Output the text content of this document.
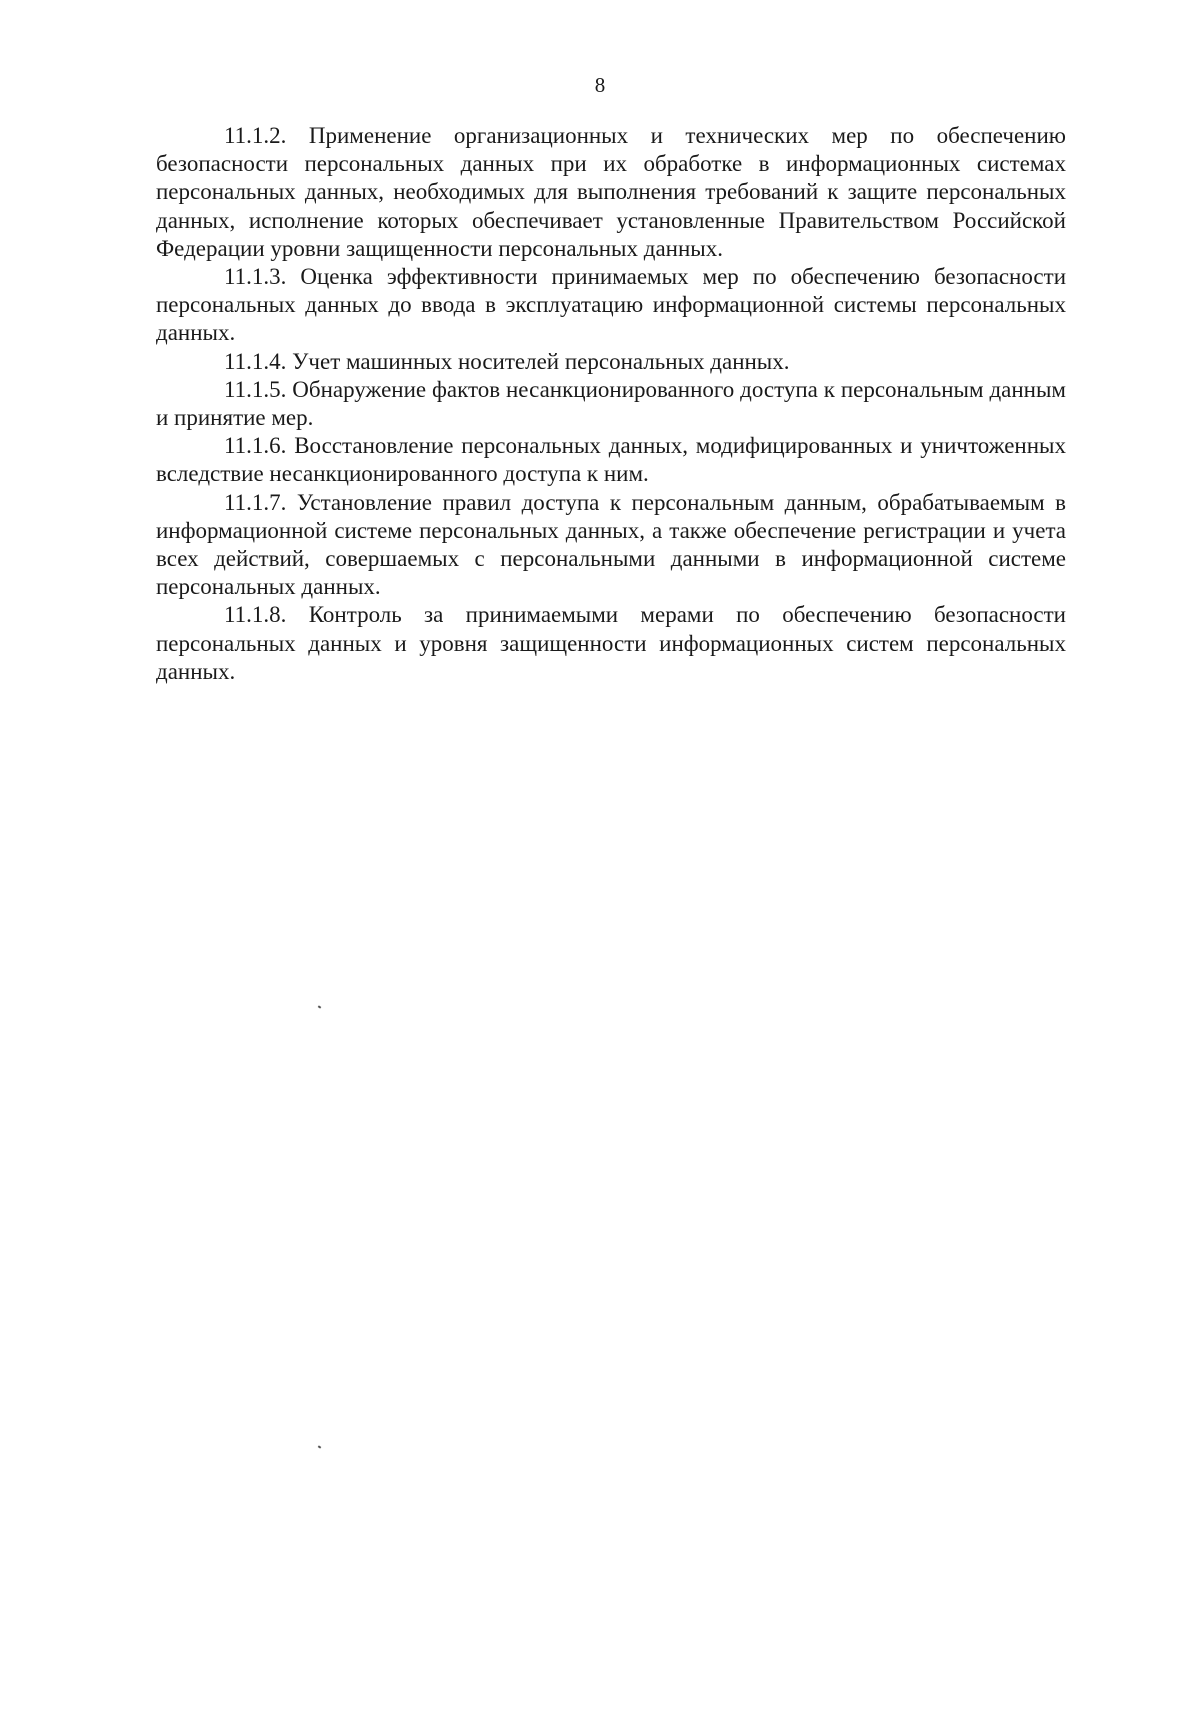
8

11.1.2. Применение организационных и технических мер по обеспечению безопасности персональных данных при их обработке в информационных системах персональных данных, необходимых для выполнения требований к защите персональных данных, исполнение которых обеспечивает установленные Правительством Российской Федерации уровни защищенности персональных данных.

11.1.3. Оценка эффективности принимаемых мер по обеспечению безопасности персональных данных до ввода в эксплуатацию информационной системы персональных данных.

11.1.4. Учет машинных носителей персональных данных.

11.1.5. Обнаружение фактов несанкционированного доступа к персональным данным и принятие мер.

11.1.6. Восстановление персональных данных, модифицированных и уничтоженных вследствие несанкционированного доступа к ним.

11.1.7. Установление правил доступа к персональным данным, обрабатываемым в информационной системе персональных данных, а также обеспечение регистрации и учета всех действий, совершаемых с персональными данными в информационной системе персональных данных.

11.1.8. Контроль за принимаемыми мерами по обеспечению безопасности персональных данных и уровня защищенности информационных систем персональных данных.
